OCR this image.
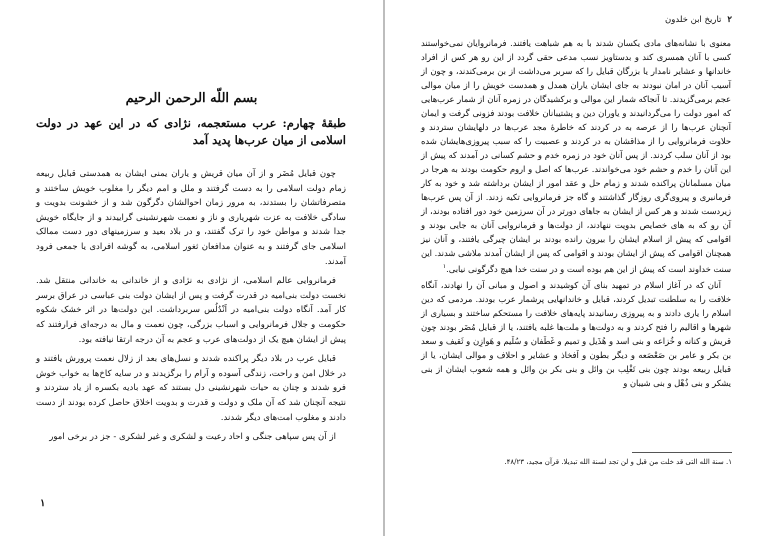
بسم اللّه الرحمن الرحيم
طبقهٔ چهارم: عرب مستعجمه، نژادی که در این عهد در دولت اسلامی از میان عرب‌ها پدید آمد

چون قبایل مُضَر و از آن میان قریش و یاران یمنی ایشان به همدستی قبایل ربیعه زمام دولت اسلامی را به دست گرفتند و ملل و امم دیگر را مغلوب خویش ساختند و متصرفاتشان را بستدند، به مرور زمان احوالشان دگرگون شد و از خشونت بدویت و سادگی خلافت به عزت شهریاری و ناز و نعمت شهرنشینی گراییدند و از جایگاه خویش جدا شدند و مواطن خود را ترک گفتند، و در بلاد بعید و سرزمینهای دور دست ممالک اسلامی جای گرفتند و به عنوان مدافعان ثغور اسلامی، به گوشه افرادی یا جمعی فرود آمدند.

فرمانروایی عالم اسلامی، از نژادی به نژادی و از خاندانی به خاندانی منتقل شد. نخست دولت بنی‌امیه در قدرت گرفت و پس از ایشان دولت بنی عباسی در عراق برسر کار آمد. آنگاه دولت بنی‌امیه در اَنْدُلُس سربرداشت. این دولت‌ها در اثر خشک شکوه حکومت و جلال فرمانروایی و اسباب بزرگی، چون نعمت و مال به درجه‌ای فرارفتند که پیش از ایشان هیچ یک از دولت‌های عرب و عجم به آن درجه ارتقا نیافته بود.

قبایل عرب در بلاد دیگر پراکنده شدند و نسل‌های بعد از زلال نعمت پرورش یافتند و در خلال امن و راحت، زندگی آسوده و آرام را برگزیدند و در سایه کاخ‌ها به خواب خوش فرو شدند و چنان به حیات شهرنشینی دل بستند که عهد بادیه بکسره از یاد ستردند و نتیجه آنچنان شد که آن ملک و دولت و قدرت و بدویت اخلاق حاصل کرده بودند از دست دادند و مغلوب امت‌های دیگر شدند.

از آن پس سپاهی جنگی و احاد رعیت و لشکری و غیر لشکری - جز در برخی امور

۱
۲تاریخ ابن خلدون

معنوی با نشانه‌های مادی یکسان شدند با به هم شباهت یافتند. فرمانروایان نمی‌خواستند کسی با آنان همسری کند و بدستاویز نسب مدعی حقی گردد از این رو هر کس از افراد خاندانها و عشایر نامدار یا بزرگان قبایل را که سربر می‌داشت از بن برمی‌کندند، و چون از آسیب آنان در امان نبودند به جای ایشان یاران همدل و همدست خویش را از میان موالی عجم برمی‌گزیدند. تا آنجاکه شمار این موالی و برکشیدگان در زمره آنان از شمار عرب‌هایی که امور دولت را می‌گردانیدند و یاوران دین و پشتیبانان خلافت بودند فزونی گرفت و ایمان آنچنان عرب‌ها را از عرصه به در کردند که خاطرهٔ مجد عرب‌ها در دلهایشان ستردند و حلاوت فرمانروایی را از مذاقشان به در کردند و عصبیت را که سبب پیروزی‌هایشان شده بود از آنان سلب کردند. از پس آنان خود در زمره خدم و حشم کسانی در آمدند که پیش از این آنان را خدم و حشم خود می‌خواندند. عرب‌ها که اصل و اروم حکومت بودند به هرجا در میان مسلمانان پراکنده شدند و زمام حل و عقد امور از ایشان برداشته شد و خود به کار فرمانبری و پیروی‌گری روزگار گذاشتند و گاه جز فرمانروایی تکیه زدند. از آن پس عرب‌ها زیردست شدند و هر کس از ایشان به جاهای دورتر در آن سرزمین خود دور افتاده بودند، از آن رو که به های خصایص بدویت ننهادند، از دولت‌ها و فرمانروایی آنان به جایی بودند و اقوامی که پیش از اسلام ایشان را بیرون رانده بودند بر ایشان چیرگی یافتند، و آنان نیز همچنان اقوامی که پیش از ایشان بودند و اقوامی که پس از ایشان آمدند ملاشی شدند. این سنت خداوند است که پیش از این هم بوده است و در سنت خدا هیچ دگرگونی نیابی.$^۱$

آنان که در آغاز اسلام در تمهید بنای آن کوشیدند و اصول و مبانی آن را نهادند، آنگاه خلافت را به سلطنت تبدیل کردند، قبایل و خاندانهایی پرشمار عرب بودند. مردمی که دین اسلام را یاری دادند و به پیروزی رسانیدند پایه‌های خلافت را مستحکم ساختند و بسیاری از شهرها و اقالیم را فتح کردند و به دولت‌ها و ملت‌ها غلبه یافتند، یا از قبایل مُضَر بودند چون قریش و کنانه و خُزاعه و بنی اسد و هُذَیل و تمیم و غَطَفان و سُلَیم و هَوازِن و ثَقیف و سعد بن بکر و عامر بن صَعْصَعه و دیگر بطون و اَفخاذ و عشایر و احلاف و موالی ایشان، یا از قبایل ربیعه بودند چون بنی تَغْلِب بن وائل و بنی بکر بن وائل و همه شعوب ایشان از بنی یشکر و بنی ذُهْل و بنی شیبان و

۱. سنة الله التی قد خلت من قبل و لن تجد لسنة الله تبدیلا. قرآن مجید، ۴۸/۲۳.
